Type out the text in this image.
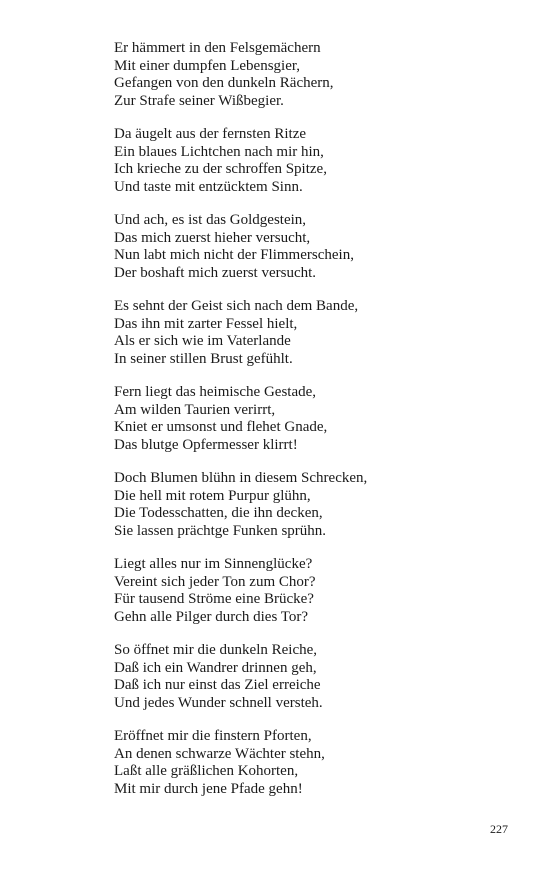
Er hämmert in den Felsgemächern
Mit einer dumpfen Lebensgier,
Gefangen von den dunkeln Rächern,
Zur Strafe seiner Wißbegier.
Da äugelt aus der fernsten Ritze
Ein blaues Lichtchen nach mir hin,
Ich krieche zu der schroffen Spitze,
Und taste mit entzücktem Sinn.
Und ach, es ist das Goldgestein,
Das mich zuerst hieher versucht,
Nun labt mich nicht der Flimmerschein,
Der boshaft mich zuerst versucht.
Es sehnt der Geist sich nach dem Bande,
Das ihn mit zarter Fessel hielt,
Als er sich wie im Vaterlande
In seiner stillen Brust gefühlt.
Fern liegt das heimische Gestade,
Am wilden Taurien verirrt,
Kniet er umsonst und flehet Gnade,
Das blutge Opfermesser klirrt!
Doch Blumen blühn in diesem Schrecken,
Die hell mit rotem Purpur glühn,
Die Todesschatten, die ihn decken,
Sie lassen prächtge Funken sprühn.
Liegt alles nur im Sinnenglücke?
Vereint sich jeder Ton zum Chor?
Für tausend Ströme eine Brücke?
Gehn alle Pilger durch dies Tor?
So öffnet mir die dunkeln Reiche,
Daß ich ein Wandrer drinnen geh,
Daß ich nur einst das Ziel erreiche
Und jedes Wunder schnell versteh.
Eröffnet mir die finstern Pforten,
An denen schwarze Wächter stehn,
Laßt alle gräßlichen Kohorten,
Mit mir durch jene Pfade gehn!
227
